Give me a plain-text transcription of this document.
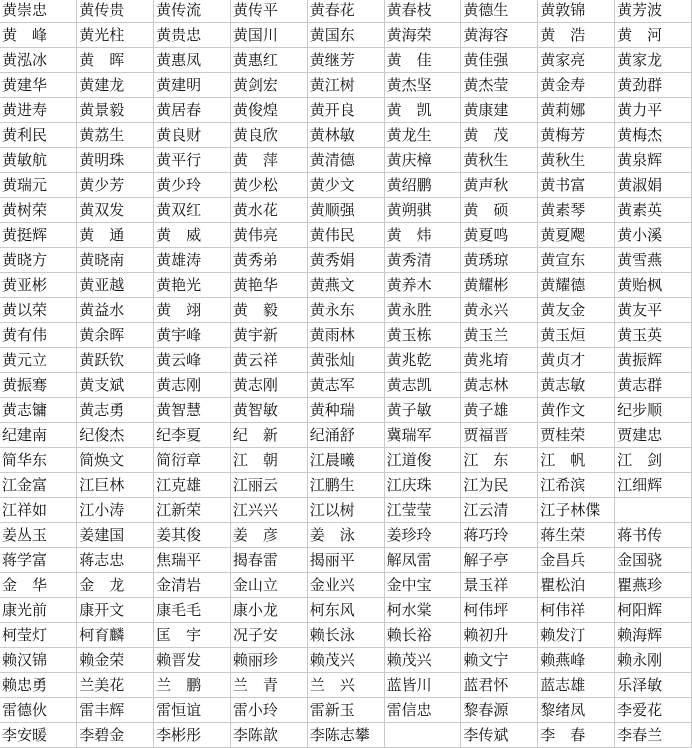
黄崇忠	黄传贵	黄传流	黄传平	黄春花	黄春枝	黄德生	黄敦锦	黄芳波
黄　峰	黄光柱	黄贵忠	黄国川	黄国东	黄海荣	黄海容	黄　浩	黄　河
黄泓冰	黄　晖	黄惠凤	黄惠红	黄继芳	黄　佳	黄佳强	黄家亮	黄家龙
黄建华	黄建龙	黄建明	黄剑宏	黄江树	黄杰坚	黄杰莹	黄金寿	黄劲群
黄进寿	黄景毅	黄居春	黄俊煌	黄开良	黄　凯	黄康建	黄莉娜	黄力平
黄利民	黄荔生	黄良财	黄良欣	黄林敏	黄龙生	黄　茂	黄梅芳	黄梅杰
黄敏航	黄明珠	黄平行	黄　萍	黄清德	黄庆樟	黄秋生	黄秋生	黄泉辉
黄瑞元	黄少芳	黄少玲	黄少松	黄少文	黄绍鹏	黄声秋	黄书富	黄淑娟
黄树荣	黄双发	黄双红	黄水花	黄顺强	黄朔骐	黄　硕	黄素琴	黄素英
黄挺辉	黄　通	黄　威	黄伟亮	黄伟民	黄　炜	黄夏鸣	黄夏飔	黄小溪
黄晓方	黄晓南	黄雄涛	黄秀弟	黄秀娟	黄秀清	黄琇琼	黄宣东	黄雪燕
黄亚彬	黄亚越	黄艳光	黄艳华	黄燕文	黄养木	黄耀彬	黄耀德	黄贻枫
黄以荣	黄益水	黄　翊	黄　毅	黄永东	黄永胜	黄永兴	黄友金	黄友平
黄有伟	黄余晖	黄宇峰	黄宇新	黄雨林	黄玉栋	黄玉兰	黄玉烜	黄玉英
黄元立	黄跃钦	黄云峰	黄云祥	黄张灿	黄兆乾	黄兆堉	黄贞才	黄振辉
黄振骞	黄支斌	黄志刚	黄志刚	黄志军	黄志凯	黄志林	黄志敏	黄志群
黄志镛	黄志勇	黄智慧	黄智敏	黄种瑞	黄子敏	黄子雄	黄作文	纪步顺
纪建南	纪俊杰	纪李夏	纪　新	纪涌舒	冀瑞军	贾福晋	贾桂荣	贾建忠
简华东	简焕文	简衍章	江　朝	江晨曦	江道俊	江　东	江　帆	江　剑
江金富	江巨林	江克雄	江丽云	江鹏生	江庆珠	江为民	江希滨	江细辉
江祥如	江小涛	江新荣	江兴兴	江以树	江莹莹	江云清	江子林偞	
姜丛玉	姜建国	姜其俊	姜　彦	姜　泳	姜珍玲	蒋巧玲	蒋生荣	蒋书传
蒋学富	蒋志忠	焦瑞平	揭春雷	揭丽平	解凤雷	解子亭	金昌兵	金国骁
金　华	金　龙	金清岩	金山立	金业兴	金中宝	景玉祥	瞿松泊	瞿燕珍
康光前	康开文	康毛毛	康小龙	柯东风	柯水棠	柯伟坪	柯伟祥	柯阳辉
柯莹灯	柯育麟	匡　宇	况子安	赖长泳	赖长裕	赖初升	赖发汀	赖海辉
赖汉锦	赖金荣	赖晋发	赖丽珍	赖茂兴	赖茂兴	赖文宁	赖燕峰	赖永刚
赖忠勇	兰美花	兰　鹏	兰　青	兰　兴	蓝皆川	蓝君怀	蓝志雄	乐泽敏
雷德伙	雷丰辉	雷恒谊	雷小玲	雷新玉	雷信忠	黎春源	黎绪凤	李爱花
李安暖	李碧金	李彬彤	李陈歆	李陈志攀		李传斌	李　春	李春兰
